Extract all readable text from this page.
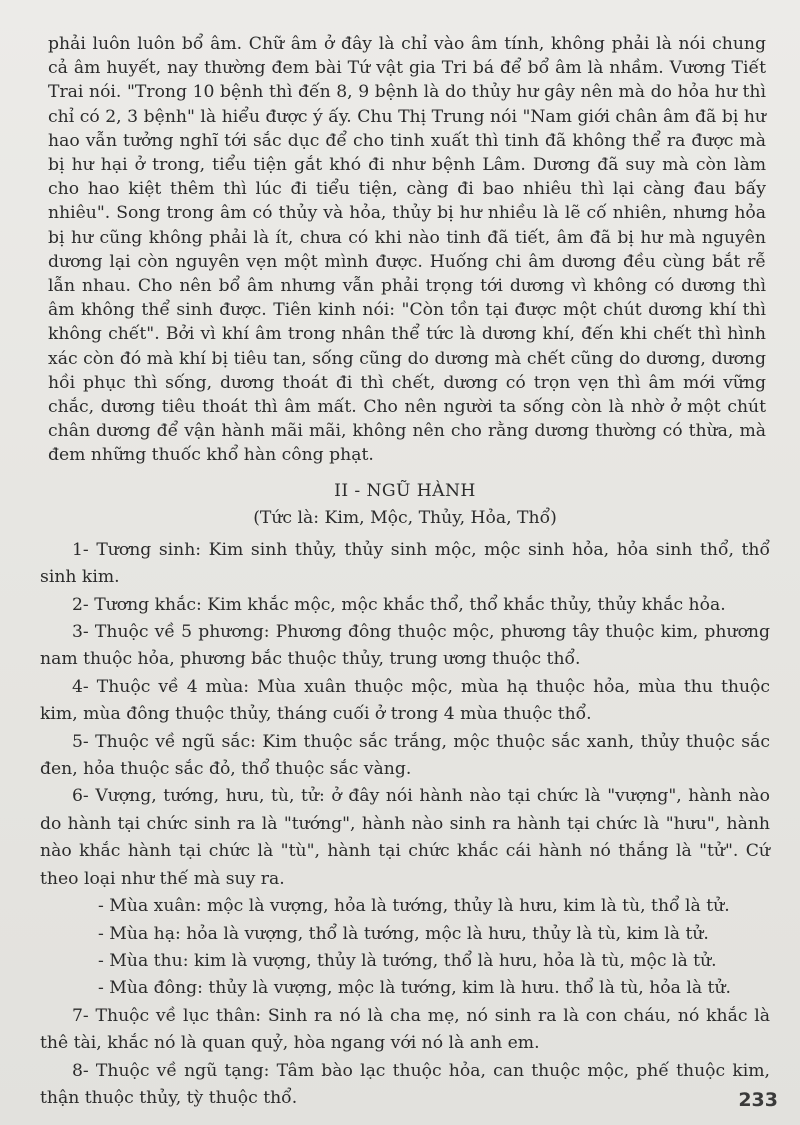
phải luôn luôn bổ âm. Chữ âm ở đây là chỉ vào âm tính, không phải là nói chung cả âm huyết, nay thường đem bài Tứ vật gia Tri bá để bổ âm là nhầm. Vương Tiết Trai nói. "Trong 10 bệnh thì đến 8, 9 bệnh là do thủy hư gây nên mà do hỏa hư thì chỉ có 2, 3 bệnh" là hiểu được ý ấy. Chu Thị Trung nói "Nam giới chân âm đã bị hư hao vẫn tưởng nghĩ tới sắc dục để cho tinh xuất thì tinh đã không thể ra được mà bị hư hại ở trong, tiểu tiện gắt khó đi như bệnh Lâm. Dương đã suy mà còn làm cho hao kiệt thêm thì lúc đi tiểu tiện, càng đi bao nhiêu thì lại càng đau bấy nhiêu". Song trong âm có thủy và hỏa, thủy bị hư nhiều là lẽ cố nhiên, nhưng hỏa bị hư cũng không phải là ít, chưa có khi nào tinh đã tiết, âm đã bị hư mà nguyên dương lại còn nguyên vẹn một mình được. Huống chi âm dương đều cùng bắt rễ lẫn nhau. Cho nên bổ âm nhưng vẫn phải trọng tới dương vì không có dương thì âm không thể sinh được. Tiên kinh nói: "Còn tồn tại được một chút dương khí thì không chết". Bởi vì khí âm trong nhân thể tức là dương khí, đến khi chết thì hình xác còn đó mà khí bị tiêu tan, sống cũng do dương mà chết cũng do dương, dương hồi phục thì sống, dương thoát đi thì chết, dương có trọn vẹn thì âm mới vững chắc, dương tiêu thoát thì âm mất. Cho nên người ta sống còn là nhờ ở một chút chân dương để vận hành mãi mãi, không nên cho rằng dương thường có thừa, mà đem những thuốc khổ hàn công phạt.

II - NGŨ HÀNH

(Tức là: Kim, Mộc, Thủy, Hỏa, Thổ)

1- Tương sinh: Kim sinh thủy, thủy sinh mộc, mộc sinh hỏa, hỏa sinh thổ, thổ sinh kim.

2- Tương khắc: Kim khắc mộc, mộc khắc thổ, thổ khắc thủy, thủy khắc hỏa.

3- Thuộc về 5 phương: Phương đông thuộc mộc, phương tây thuộc kim, phương nam thuộc hỏa, phương bắc thuộc thủy, trung ương thuộc thổ.

4- Thuộc về 4 mùa: Mùa xuân thuộc mộc, mùa hạ thuộc hỏa, mùa thu thuộc kim, mùa đông thuộc thủy, tháng cuối ở trong 4 mùa thuộc thổ.

5- Thuộc về ngũ sắc: Kim thuộc sắc trắng, mộc thuộc sắc xanh, thủy thuộc sắc đen, hỏa thuộc sắc đỏ, thổ thuộc sắc vàng.

6- Vượng, tướng, hưu, tù, tử: ở đây nói hành nào tại chức là "vượng", hành nào do hành tại chức sinh ra là "tướng", hành nào sinh ra hành tại chức là "hưu", hành nào khắc hành tại chức là "tù", hành tại chức khắc cái hành nó thắng là "tử". Cứ theo loại như thế mà suy ra.

- Mùa xuân: mộc là vượng, hỏa là tướng, thủy là hưu, kim là tù, thổ là tử.

- Mùa hạ: hỏa là vượng, thổ là tướng, mộc là hưu, thủy là tù, kim là tử.

- Mùa thu: kim là vượng, thủy là tướng, thổ là hưu, hỏa là tù, mộc là tử.

- Mùa đông: thủy là vượng, mộc là tướng, kim là hưu. thổ là tù, hỏa là tử.

7- Thuộc về lục thân: Sinh ra nó là cha mẹ, nó sinh ra là con cháu, nó khắc là thê tài, khắc nó là quan quỷ, hòa ngang với nó là anh em.

8- Thuộc về ngũ tạng: Tâm bào lạc thuộc hỏa, can thuộc mộc, phế thuộc kim, thận thuộc thủy, tỳ thuộc thổ.	233
